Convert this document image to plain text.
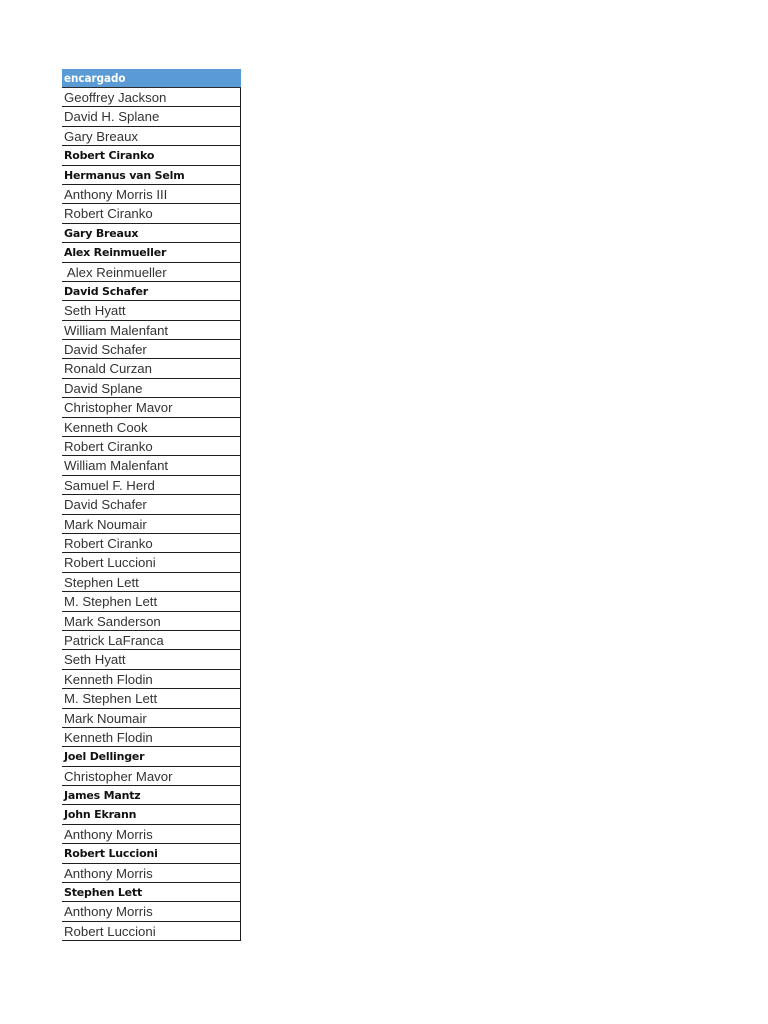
encargado
Geoffrey Jackson
David H. Splane
Gary Breaux
Robert Ciranko
Hermanus van Selm
Anthony Morris III
Robert Ciranko
Gary Breaux
Alex Reinmueller
Alex Reinmueller
David Schafer
Seth Hyatt
William Malenfant
David Schafer
Ronald Curzan
David Splane
Christopher Mavor
Kenneth Cook
Robert Ciranko
William Malenfant
Samuel F. Herd
David Schafer
Mark Noumair
Robert Ciranko
Robert Luccioni
Stephen Lett
M. Stephen Lett
Mark Sanderson
Patrick LaFranca
Seth Hyatt
Kenneth Flodin
M. Stephen Lett
Mark Noumair
Kenneth Flodin
Joel Dellinger
Christopher Mavor
James Mantz
John Ekrann
Anthony Morris
Robert Luccioni
Anthony Morris
Stephen Lett
Anthony Morris
Robert Luccioni
